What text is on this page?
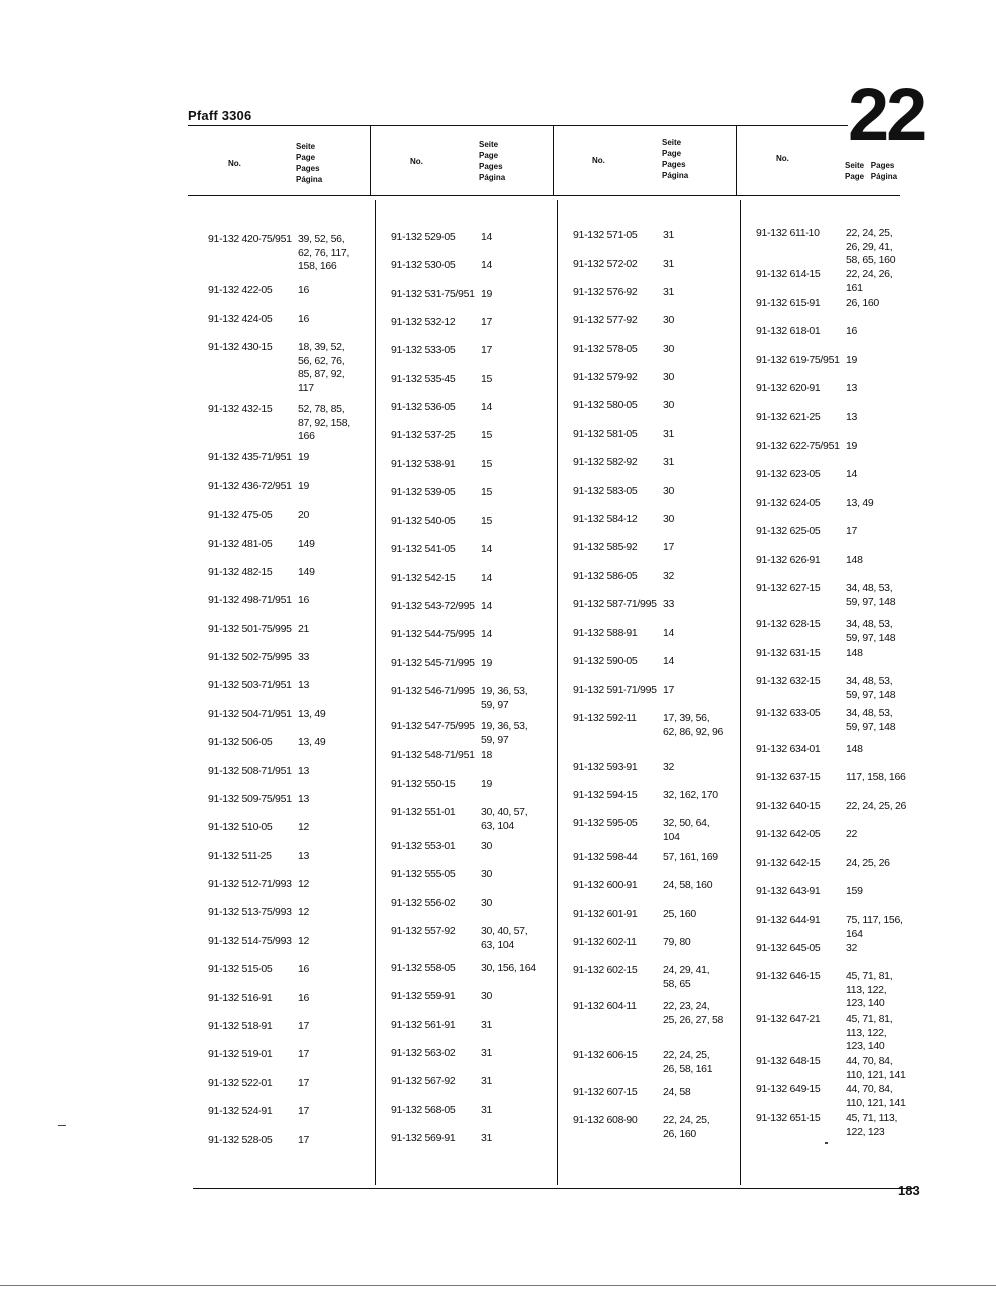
Pfaff 3306	22
No.
Seite
Page
Pages
Página
No.
Seite
Page
Pages
Página
No.
Seite
Page
Pages
Página
No.
Seite Pages
Page Página
91-132 420-75/951 39, 52, 56, 62, 76, 117, 158, 166
91-132 422-05	16
91-132 424-05	16
91-132 430-15	18, 39, 52, 56, 62, 76, 85, 87, 92, 117
91-132 432-15	52, 78, 85, 87, 92, 158, 166
91-132 435-71/951 19
91-132 436-72/951 19
91-132 475-05	20
91-132 481-05	149
91-132 482-15	149
91-132 498-71/951 16
91-132 501-75/995 21
91-132 502-75/995 33
91-132 503-71/951 13
91-132 504-71/951 13, 49
91-132 506-05	13, 49
91-132 508-71/951 13
91-132 509-75/951 13
91-132 510-05	12
91-132 511-25	13
91-132 512-71/993 12
91-132 513-75/993 12
91-132 514-75/993 12
91-132 515-05	16
91-132 516-91	16
91-132 518-91	17
91-132 519-01	17
91-132 522-01	17
91-132 524-91	17
91-132 528-05	17
91-132 529-05	14
91-132 530-05	14
91-132 531-75/951 19
91-132 532-12	17
91-132 533-05	17
91-132 535-45	15
91-132 536-05	14
91-132 537-25	15
91-132 538-91	15
91-132 539-05	15
91-132 540-05	15
91-132 541-05	14
91-132 542-15	14
91-132 543-72/995 14
91-132 544-75/995 14
91-132 545-71/995 19
91-132 546-71/995 19, 36, 53, 59, 97
91-132 547-75/995 19, 36, 53, 59, 97
91-132 548-71/951 18
91-132 550-15	19
91-132 551-01	30, 40, 57, 63, 104
91-132 553-01	30
91-132 555-05	30
91-132 556-02	30
91-132 557-92	30, 40, 57, 63, 104
91-132 558-05	30, 156, 164
91-132 559-91	30
91-132 561-91	31
91-132 563-02	31
91-132 567-92	31
91-132 568-05	31
91-132 569-91	31
91-132 571-05	31
91-132 572-02	31
91-132 576-92	31
91-132 577-92	30
91-132 578-05	30
91-132 579-92	30
91-132 580-05	30
91-132 581-05	31
91-132 582-92	31
91-132 583-05	30
91-132 584-12	30
91-132 585-92	17
91-132 586-05	32
91-132 587-71/995 33
91-132 588-91	14
91-132 590-05	14
91-132 591-71/995 17
91-132 592-11	17, 39, 56, 62, 86, 92, 96
91-132 593-91	32
91-132 594-15	32, 162, 170
91-132 595-05	32, 50, 64, 104
91-132 598-44	57, 161, 169
91-132 600-91	24, 58, 160
91-132 601-91	25, 160
91-132 602-11	79, 80
91-132 602-15	24, 29, 41, 58, 65
91-132 604-11	22, 23, 24, 25, 26, 27, 58
91-132 606-15	22, 24, 25, 26, 58, 161
91-132 607-15	24, 58
91-132 608-90	22, 24, 25, 26, 160
91-132 611-10	22, 24, 25, 26, 29, 41, 58, 65, 160
91-132 614-15	22, 24, 26, 161
91-132 615-91	26, 160
91-132 618-01	16
91-132 619-75/951 19
91-132 620-91	13
91-132 621-25	13
91-132 622-75/951 19
91-132 623-05	14
91-132 624-05	13, 49
91-132 625-05	17
91-132 626-91	148
91-132 627-15	34, 48, 53, 59, 97, 148
91-132 628-15	34, 48, 53, 59, 97, 148
91-132 631-15	148
91-132 632-15	34, 48, 53, 59, 97, 148
91-132 633-05	34, 48, 53, 59, 97, 148
91-132 634-01	148
91-132 637-15	117, 158, 166
91-132 640-15	22, 24, 25, 26
91-132 642-05	22
91-132 642-15	24, 25, 26
91-132 643-91	159
91-132 644-91	75, 117, 156, 164
91-132 645-05	32
91-132 646-15	45, 71, 81, 113, 122, 123, 140
91-132 647-21	45, 71, 81, 113, 122, 123, 140
91-132 648-15	44, 70, 84, 110, 121, 141
91-132 649-15	44, 70, 84, 110, 121, 141
91-132 651-15	45, 71, 113, 122, 123
183
